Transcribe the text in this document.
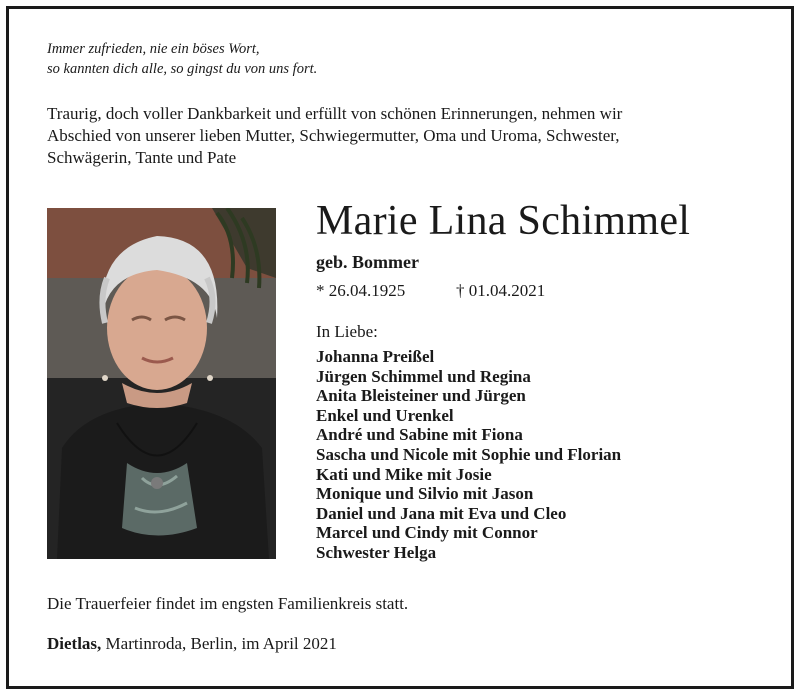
Immer zufrieden, nie ein böses Wort,
so kannten dich alle, so gingst du von uns fort.
Traurig, doch voller Dankbarkeit und erfüllt von schönen Erinnerungen, nehmen wir
Abschied von unserer lieben Mutter, Schwiegermutter, Oma und Uroma, Schwester,
Schwägerin, Tante und Pate
Marie Lina Schimmel
geb. Bommer
* 26.04.1925	† 01.04.2021
In Liebe:
Johanna Preißel
Jürgen Schimmel und Regina
Anita Bleisteiner und Jürgen
Enkel und Urenkel
André und Sabine mit Fiona
Sascha und Nicole mit Sophie und Florian
Kati und Mike mit Josie
Monique und Silvio mit Jason
Daniel und Jana mit Eva und Cleo
Marcel und Cindy mit Connor
Schwester Helga
Die Trauerfeier findet im engsten Familienkreis statt.
Dietlas, Martinroda, Berlin, im April 2021
